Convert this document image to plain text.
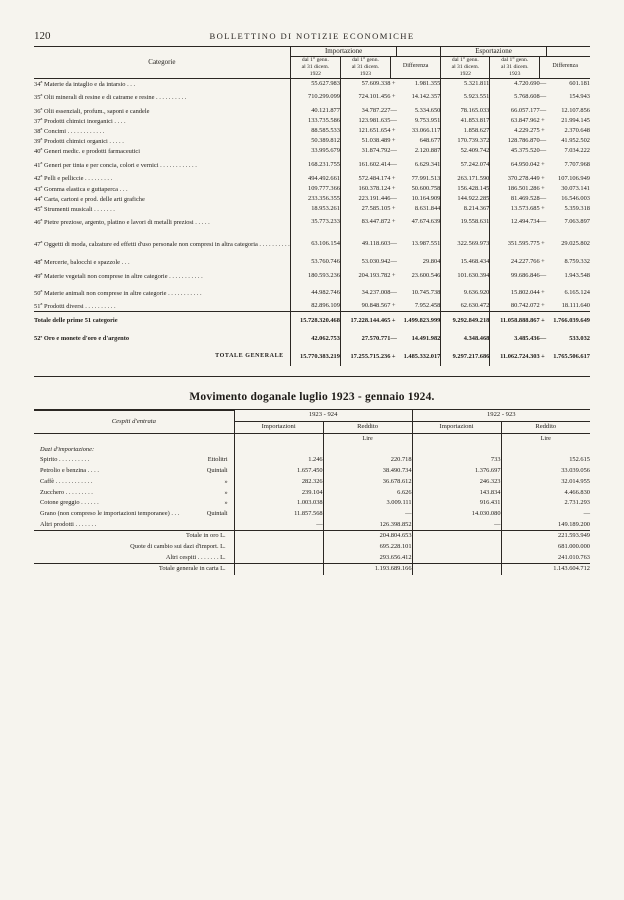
120	BOLLETTINO DI NOTIZIE ECONOMICHE
Categorie	Importazione				Esportazione			
	dal 1° genn.
al 31 dicem.
1922	dal 1° genn.
al 31 dicem.
1923	Differenza		dal 1° genn.
al 31 dicem.
1922	dal 1° genn.
al 31 dicem.
1923	Differenza	
34$^a$ Materie da intaglio e da intarsio . . .	55.627.983	57.609.338	+	1.981.355	5.321.811	4.720.690	—	601.181
35$^a$ Olii minerali di resine e di catrame e resine . . . . . . . . . .	710.299.099	724.101.456	+	14.142.357	5.923.551	5.768.608	—	154.943
36$^a$ Olii essenziali, profum., saponi e candele	40.121.877	34.787.227	—	5.334.650	78.165.033	66.057.177	—	12.107.856
37$^a$ Prodotti chimici inorganici . . . .	133.735.586	123.981.635	—	9.753.951	41.853.817	63.847.962	+	21.994.145
38$^a$ Concimi . . . . . . . . . . . .	88.585.533	121.651.654	+	33.066.117	1.858.627	4.229.275	+	2.370.648
39$^a$ Prodotti chimici organici . . . . .	50.389.812	51.038.489	+	648.677	170.739.372	128.786.870	—	41.952.502
40$^a$ Generi medic. e prodotti farmaceutici	33.995.679	31.874.792	—	2.120.887	52.409.742	45.375.520	—	7.034.222
41$^a$ Generi per tinta e per concia, colori e vernici . . . . . . . . . . . .	168.231.755	161.602.414	—	6.629.341	57.242.074	64.950.042	+	7.707.968
42$^a$ Pelli e pelliccie . . . . . . . . .	494.492.661	572.484.174	+	77.991.513	263.171.590	370.278.449	+	107.106.949
43$^a$ Gomma elastica e guttaperca . . .	109.777.366	160.378.124	+	50.600.758	156.428.145	186.501.286	+	30.073.141
44$^a$ Carta, cartoni e prod. delle arti grafiche	233.356.355	223.191.446	—	10.164.909	144.922.285	81.469.528	—	16.546.003
45$^a$ Strumenti musicali . . . . . . .	18.953.261	27.585.105	+	8.631.844	8.214.367	13.573.685	+	5.359.318
46$^a$ Pietre preziose, argento, platino e lavori di metalli preziosi . . . . .	35.773.233	83.447.872	+	47.674.639	19.558.631	12.494.734	—	7.063.897
47$^a$ Oggetti di moda, calzature ed effetti d'uso personale non compresi in altra categoria . . . . . . . . . .	63.106.154	49.118.603	—	13.987.551	322.569.973	351.595.775	+	29.025.802
48$^a$ Mercerie, balocchi e spazzole . . .	53.760.746	53.030.942	—	29.804	15.468.434	24.227.766	+	8.759.332
49$^a$ Materie vegetali non comprese in altre categorie . . . . . . . . . . .	180.593.236	204.193.782	+	23.600.546	101.630.394	99.686.846	—	1.943.548
50$^a$ Materie animali non comprese in altre categorie . . . . . . . . . . .	44.982.746	34.237.008	—	10.745.738	9.636.920	15.802.044	+	6.165.124
51$^a$ Prodotti diversi . . . . . . . . . .	82.896.109	90.848.567	+	7.952.458	62.630.472	80.742.072	+	18.111.640
Totale delle prime 51 categorie	15.728.320.468	17.228.144.465	+	1.499.823.999	9.292.849.218	11.058.888.867	+	1.766.039.649
52ª Oro e monete d'oro e d'argento	42.062.753	27.570.771	—	14.491.982	4.348.468	3.485.436	—	533.032
TOTALE GENERALE	15.770.383.219	17.255.715.236	+	1.485.332.017	9.297.217.686	11.062.724.303	+	1.765.506.617
Movimento doganale luglio 1923 - gennaio 1924.
Cespiti d'entrata	1923 - 924		1922 - 923	
	Importazioni	Reddito	Importazioni	Reddito
		Lire		Lire
Dazi d'importazione:				
Spirito . . . . . . . . . . Ettolitri	1.246	220.718	733	152.615
Petrolio e benzina . . . . Quintali	1.657.450	38.490.734	1.376.697	33.039.056
Caffè . . . . . . . . . . . . »	282.326	36.678.612	246.323	32.014.955
Zucchero . . . . . . . . . »	239.104	6.626	143.834	4.466.830
Cotone greggio . . . . . . »	1.003.038	3.009.111	916.431	2.731.293
Grano (non compreso le importazioni temporanee) . . . Quintali	11.857.568	—	14.030.080	—
Altri prodotti . . . . . . .	—	126.398.852	—	149.189.200
Totale in oro L.		204.804.653		221.593.949
Quote di cambio sui dazi d'import. L.		695.228.101		681.000.000
Altri cespiti . . . . . . . L.		293.656.412		241.010.763
Totale generale in carta L.		1.193.689.166		1.143.604.712
